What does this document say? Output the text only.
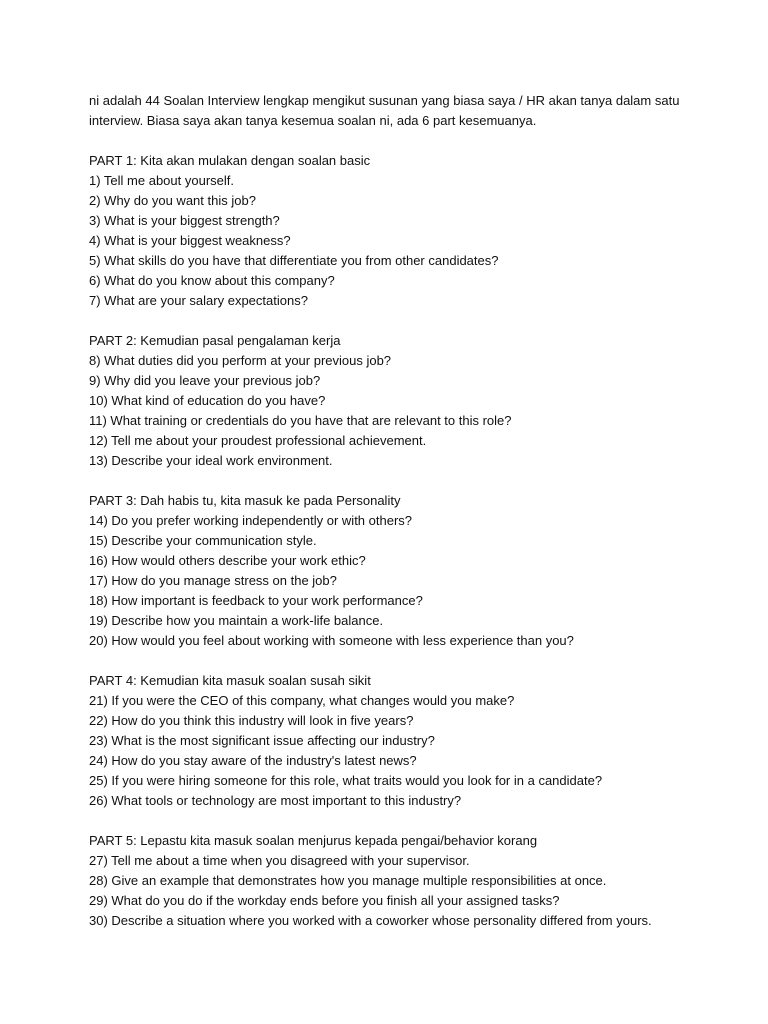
ni adalah 44 Soalan Interview lengkap mengikut susunan yang biasa saya / HR akan tanya dalam satu
interview. Biasa saya akan tanya kesemua soalan ni, ada 6 part kesemuanya.

PART 1: Kita akan mulakan dengan soalan basic
1) Tell me about yourself.
2) Why do you want this job?
3) What is your biggest strength?
4) What is your biggest weakness?
5) What skills do you have that differentiate you from other candidates?
6) What do you know about this company?
7) What are your salary expectations?
PART 2: Kemudian pasal pengalaman kerja
8) What duties did you perform at your previous job?
9) Why did you leave your previous job?
10) What kind of education do you have?
11) What training or credentials do you have that are relevant to this role?
12) Tell me about your proudest professional achievement.
13) Describe your ideal work environment.
PART 3: Dah habis tu, kita masuk ke pada Personality
14) Do you prefer working independently or with others?
15) Describe your communication style.
16) How would others describe your work ethic?
17) How do you manage stress on the job?
18) How important is feedback to your work performance?
19) Describe how you maintain a work-life balance.
20) How would you feel about working with someone with less experience than you?
PART 4: Kemudian kita masuk soalan susah sikit
21) If you were the CEO of this company, what changes would you make?
22) How do you think this industry will look in five years?
23) What is the most significant issue affecting our industry?
24) How do you stay aware of the industry's latest news?
25) If you were hiring someone for this role, what traits would you look for in a candidate?
26) What tools or technology are most important to this industry?
PART 5: Lepastu kita masuk soalan menjurus kepada pengai/behavior korang
27) Tell me about a time when you disagreed with your supervisor.
28) Give an example that demonstrates how you manage multiple responsibilities at once.
29) What do you do if the workday ends before you finish all your assigned tasks?
30) Describe a situation where you worked with a coworker whose personality differed from yours.
